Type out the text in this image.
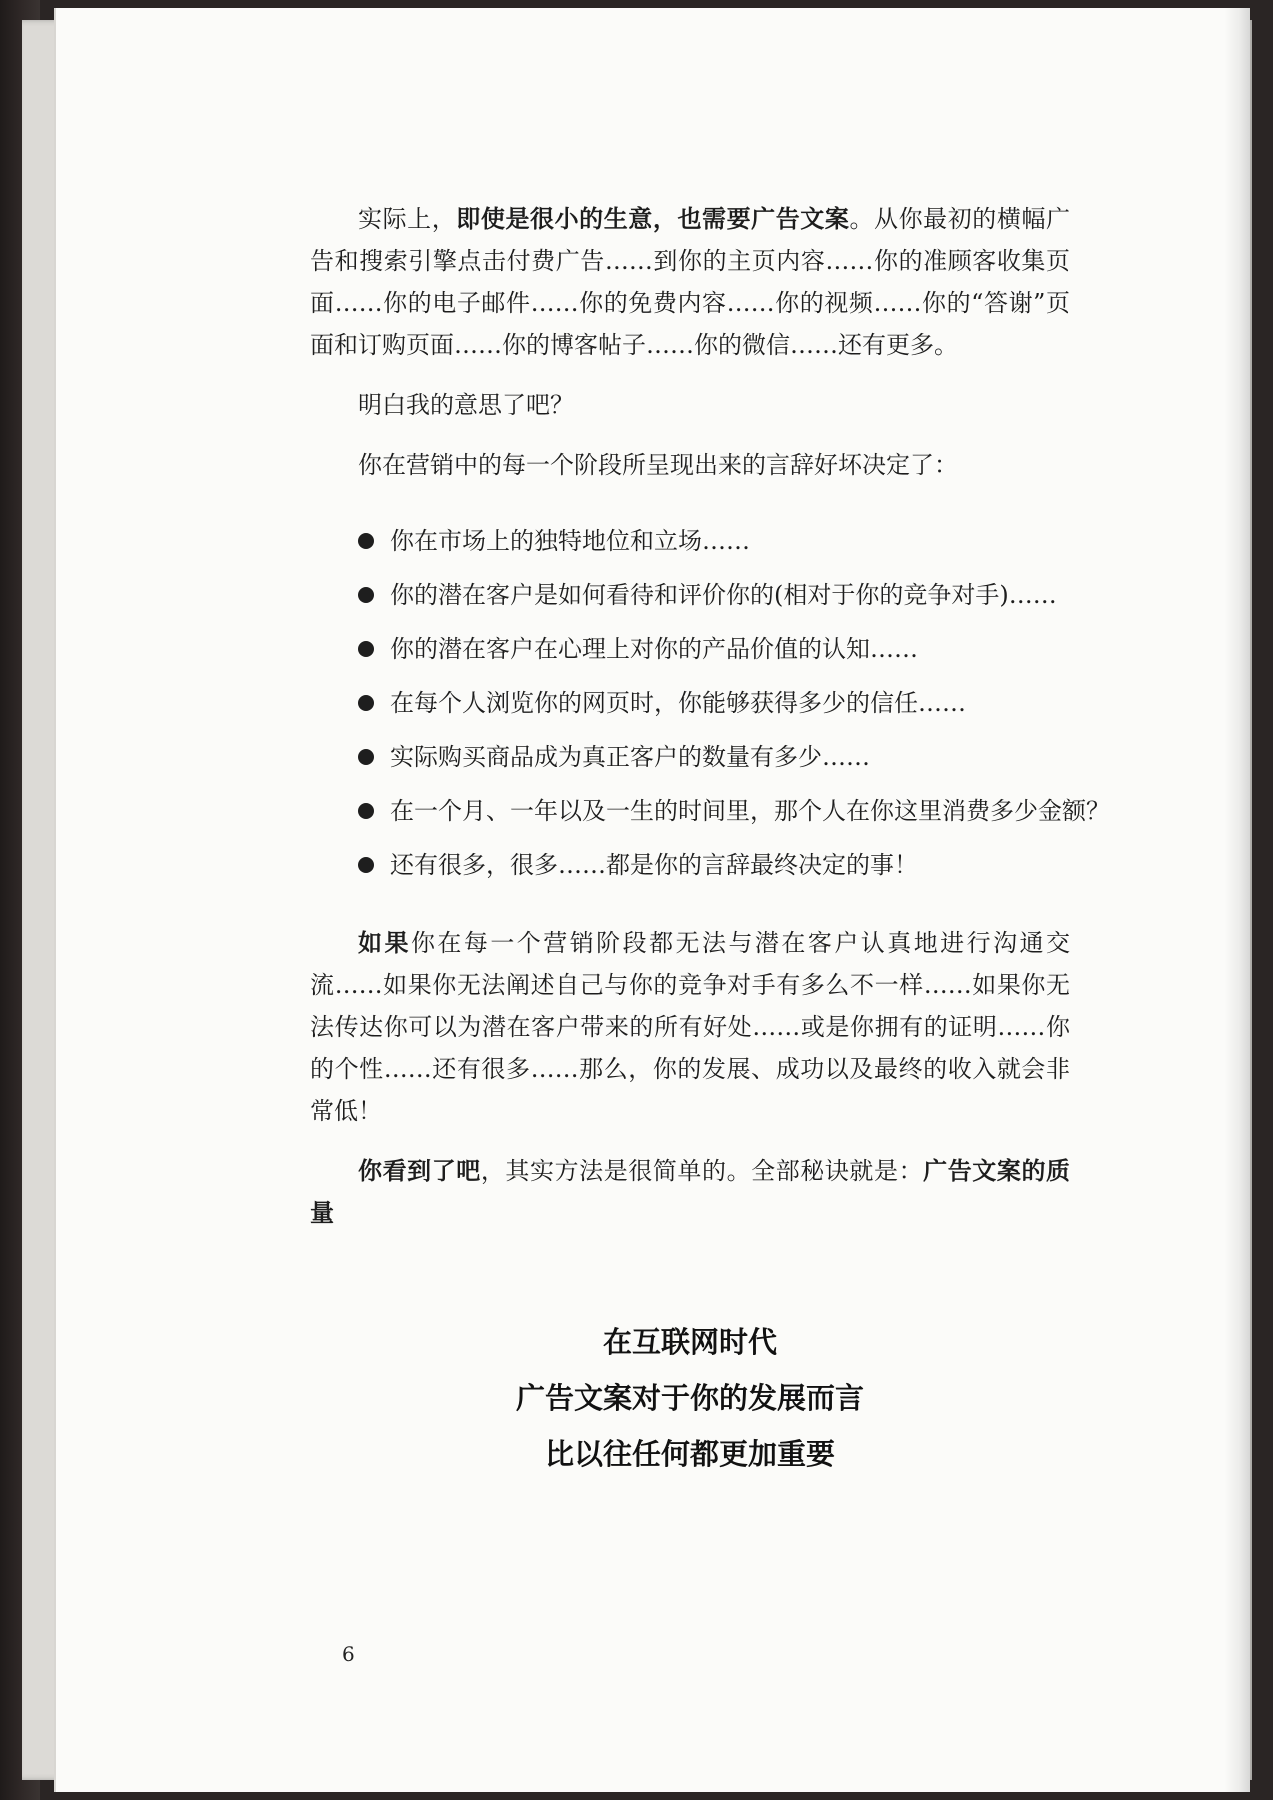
实际上，即使是很小的生意，也需要广告文案。从你最初的横幅广告和搜索引擎点击付费广告……到你的主页内容……你的准顾客收集页面……你的电子邮件……你的免费内容……你的视频……你的“答谢”页面和订购页面……你的博客帖子……你的微信……还有更多。

明白我的意思了吧？

你在营销中的每一个阶段所呈现出来的言辞好坏决定了：

你在市场上的独特地位和立场……
你的潜在客户是如何看待和评价你的(相对于你的竞争对手)……
你的潜在客户在心理上对你的产品价值的认知……
在每个人浏览你的网页时，你能够获得多少的信任……
实际购买商品成为真正客户的数量有多少……
在一个月、一年以及一生的时间里，那个人在你这里消费多少金额？
还有很多，很多……都是你的言辞最终决定的事！

如果你在每一个营销阶段都无法与潜在客户认真地进行沟通交流……如果你无法阐述自己与你的竞争对手有多么不一样……如果你无法传达你可以为潜在客户带来的所有好处……或是你拥有的证明……你的个性……还有很多……那么，你的发展、成功以及最终的收入就会非常低！

你看到了吧，其实方法是很简单的。全部秘诀就是：广告文案的质量

在互联网时代
广告文案对于你的发展而言
比以往任何都更加重要
6
